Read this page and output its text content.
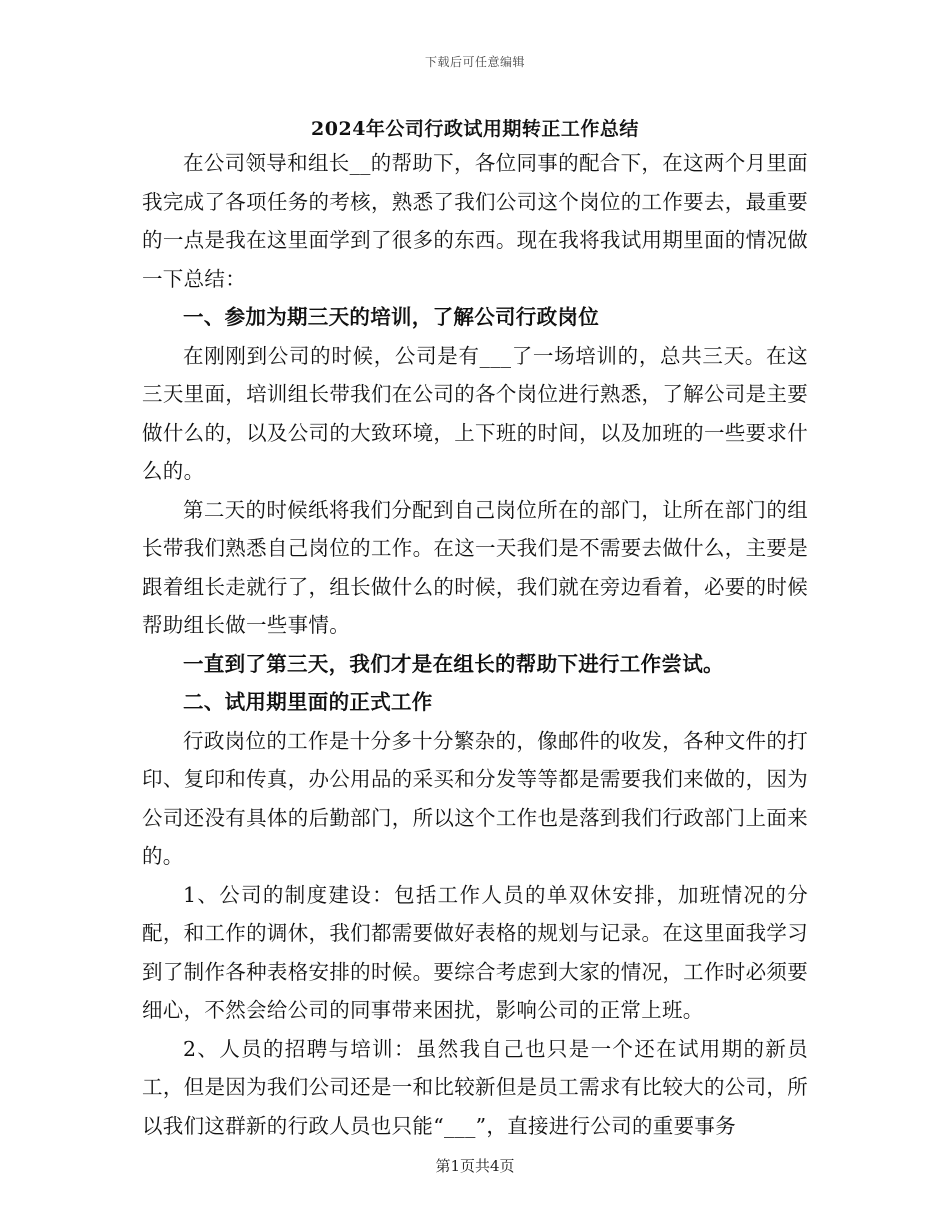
下载后可任意编辑
2024年公司行政试用期转正工作总结

在公司领导和组长__的帮助下，各位同事的配合下，在这两个月里面我完成了各项任务的考核，熟悉了我们公司这个岗位的工作要去，最重要的一点是我在这里面学到了很多的东西。现在我将我试用期里面的情况做一下总结：

一、参加为期三天的培训，了解公司行政岗位

在刚刚到公司的时候，公司是有___了一场培训的，总共三天。在这三天里面，培训组长带我们在公司的各个岗位进行熟悉，了解公司是主要做什么的，以及公司的大致环境，上下班的时间，以及加班的一些要求什么的。

第二天的时候纸将我们分配到自己岗位所在的部门，让所在部门的组长带我们熟悉自己岗位的工作。在这一天我们是不需要去做什么，主要是跟着组长走就行了，组长做什么的时候，我们就在旁边看着，必要的时候帮助组长做一些事情。

一直到了第三天，我们才是在组长的帮助下进行工作尝试。

二、试用期里面的正式工作

行政岗位的工作是十分多十分繁杂的，像邮件的收发，各种文件的打印、复印和传真，办公用品的采买和分发等等都是需要我们来做的，因为公司还没有具体的后勤部门，所以这个工作也是落到我们行政部门上面来的。

1、公司的制度建设：包括工作人员的单双休安排，加班情况的分配，和工作的调休，我们都需要做好表格的规划与记录。在这里面我学习到了制作各种表格安排的时候。要综合考虑到大家的情况，工作时必须要细心，不然会给公司的同事带来困扰，影响公司的正常上班。

2、人员的招聘与培训：虽然我自己也只是一个还在试用期的新员工，但是因为我们公司还是一和比较新但是员工需求有比较大的公司，所以我们这群新的行政人员也只能“___”，直接进行公司的重要事务

第1页共4页
